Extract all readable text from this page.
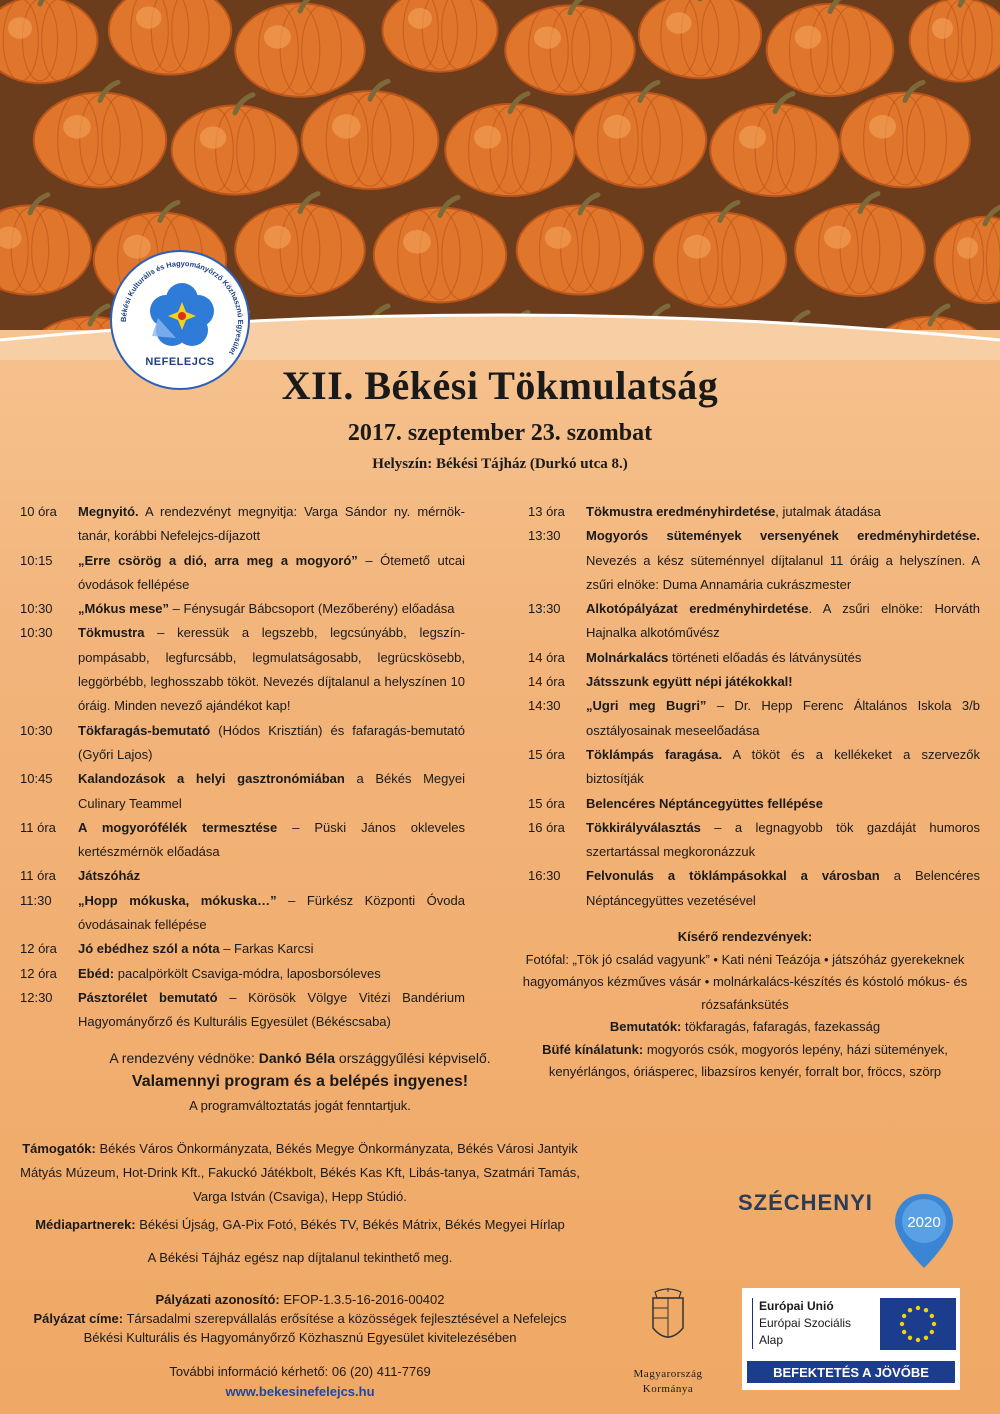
Békési Kulturális és Hagyományőrző Közhasznú Egyesület
NEFELEJCS
XII. Békési Tökmulatság
2017. szeptember 23. szombat
Helyszín: Békési Tájház (Durkó utca 8.)
10 óra	Megnyitó. A rendezvényt megnyitja: Varga Sándor ny. mérnök-tanár, korábbi Nefelejcs-díjazott
10:15	„Erre csörög a dió, arra meg a mogyoró” – Ótemető utcai óvodások fellépése
10:30	„Mókus mese” – Fénysugár Bábcsoport (Mezőberény) előadása
10:30	Tökmustra – keressük a legszebb, legcsúnyább, legszínpompásabb, legfurcsább, legmulatságosabb, legrücskösebb, leggörbébb, leghosszabb tököt. Nevezés díjtalanul a helyszínen 10 óráig. Minden nevező ajándékot kap!
10:30	Tökfaragás-bemutató (Hódos Krisztián) és fafaragás-bemutató (Győri Lajos)
10:45	Kalandozások a helyi gasztronómiában a Békés Megyei Culinary Teammel
11 óra	A mogyorófélék termesztése – Püski János okleveles kertészmérnök előadása
11 óra	Játszóház
11:30	„Hopp mókuska, mókuska…” – Fürkész Központi Óvoda óvodásainak fellépése
12 óra	Jó ebédhez szól a nóta – Farkas Karcsi
12 óra	Ebéd: pacalpörkölt Csaviga-módra, laposborsóleves
12:30	Pásztorélet bemutató – Körösök Völgye Vitézi Bandérium Hagyományőrző és Kulturális Egyesület (Békéscsaba)
13 óra	Tökmustra eredményhirdetése, jutalmak átadása
13:30	Mogyorós sütemények versenyének eredményhirdetése. Nevezés a kész süteménnyel díjtalanul 11 óráig a helyszínen. A zsűri elnöke: Duma Annamária cukrászmester
13:30	Alkotópályázat eredményhirdetése. A zsűri elnöke: Horváth Hajnalka alkotóművész
14 óra	Molnárkalács történeti előadás és látványsütés
14 óra	Játsszunk együtt népi játékokkal!
14:30	„Ugri meg Bugri” – Dr. Hepp Ferenc Általános Iskola 3/b osztályosainak meseelőadása
15 óra	Töklámpás faragása. A tököt és a kellékeket a szervezők biztosítják
15 óra	Belencéres Néptáncegyüttes fellépése
16 óra	Tökkirályválasztás – a legnagyobb tök gazdáját humoros szertartással megkoronázzuk
16:30	Felvonulás a töklámpásokkal a városban a Belencéres Néptáncegyüttes vezetésével
Kísérő rendezvények:
Fotófal: „Tök jó család vagyunk” • Kati néni Teázója • játszóház gyerekeknek hagyományos kézműves vásár • molnárkalács-készítés és kóstoló mókus- és rózsafánksütés
Bemutatók: tökfaragás, fafaragás, fazekasság
Büfé kínálatunk: mogyorós csók, mogyorós lepény, házi sütemények, kenyérlángos, óriásperec, libazsíros kenyér, forralt bor, fröccs, szörp
A rendezvény védnöke: Dankó Béla országgyűlési képviselő.
Valamennyi program és a belépés ingyenes!
A programváltoztatás jogát fenntartjuk.
Támogatók: Békés Város Önkormányzata, Békés Megye Önkormányzata, Békés Városi Jantyik Mátyás Múzeum, Hot-Drink Kft., Fakuckó Játékbolt, Békés Kas Kft, Libás-tanya, Szatmári Tamás, Varga István (Csaviga), Hepp Stúdió.
Médiapartnerek: Békési Újság, GA-Pix Fotó, Békés TV, Békés Mátrix, Békés Megyei Hírlap
A Békési Tájház egész nap díjtalanul tekinthető meg.
Pályázati azonosító: EFOP-1.3.5-16-2016-00402
Pályázat címe: Társadalmi szerepvállalás erősítése a közösségek fejlesztésével a Nefelejcs Békési Kulturális és Hagyományőrző Közhasznú Egyesület kivitelezésében
További információ kérhető: 06 (20) 411-7769
www.bekesinefelejcs.hu
SZÉCHENYI
2020
Magyarország
Kormánya
Európai Unió
Európai Szociális
Alap
BEFEKTETÉS A JÖVŐBE
